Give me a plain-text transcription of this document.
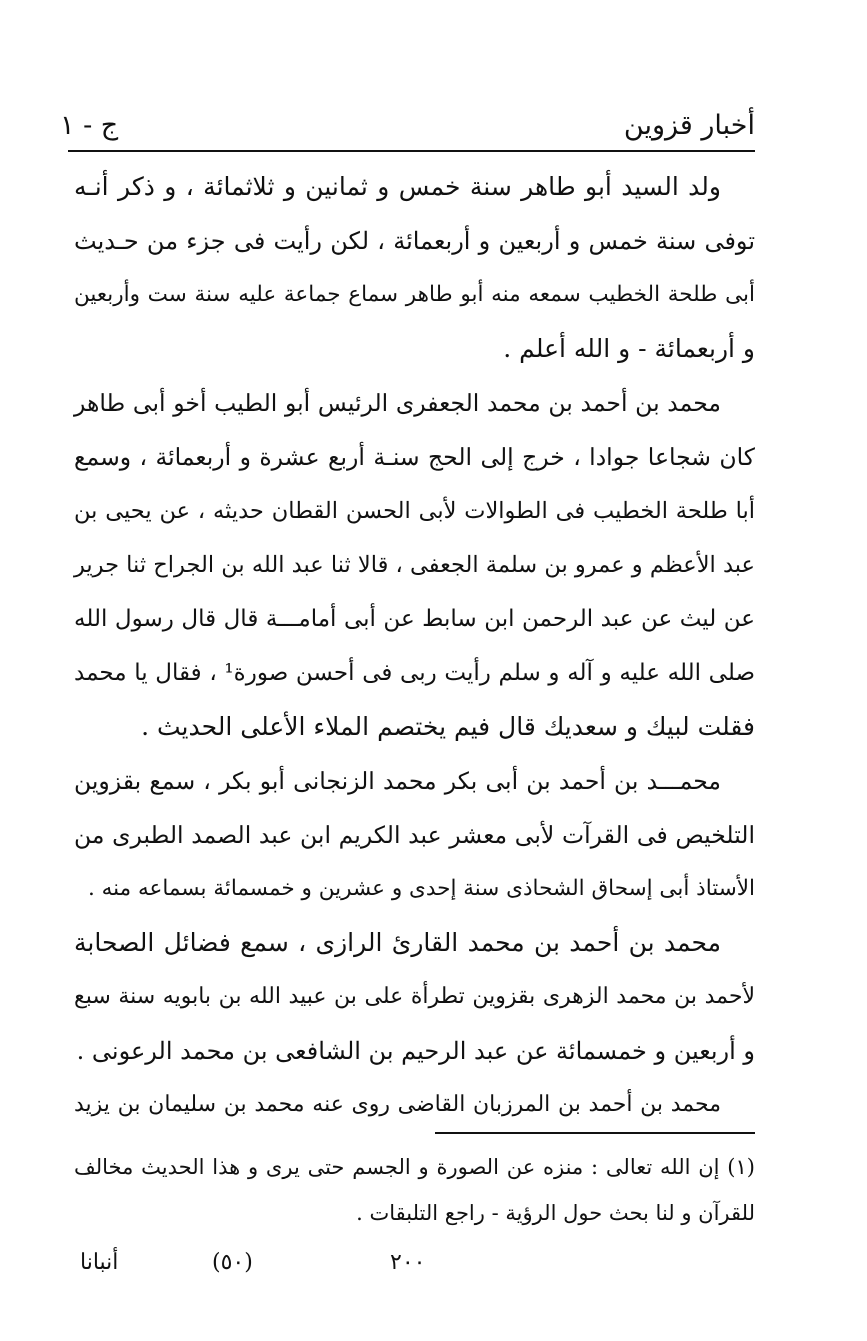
أخبار قزوين
ج - ١
ولد السيد أبو طاهر سنة خمس و ثمانين و ثلاثمائة ، و ذكر أنـه
توفى سنة خمس و أربعين و أربعمائة ، لكن رأيت فى جزء من حـديث
أبى طلحة الخطيب سمعه منه أبو طاهر سماع جماعة عليه سنة ست وأربعين
و أربعمائة - و الله أعلم .
محمد بن أحمد بن محمد الجعفرى الرئيس أبو الطيب أخو أبى طاهر
كان شجاعا جوادا ، خرج إلى الحج سنـة أربع عشرة و أربعمائة ، وسمع
أبا طلحة الخطيب فى الطوالات لأبى الحسن القطان حديثه ، عن يحيى بن
عبد الأعظم و عمرو بن سلمة الجعفى ، قالا ثنا عبد الله بن الجراح ثنا جرير
عن ليث عن عبد الرحمن ابن سابط عن أبى أمامـــة قال قال رسول الله
صلى الله عليه و آله و سلم رأيت ربى فى أحسن صورة¹ ، فقال يا محمد
فقلت لبيك و سعديك قال فيم يختصم الملاء الأعلى الحديث .
محمـــد بن أحمد بن أبى بكر محمد الزنجانى أبو بكر ، سمع بقزوين
التلخيص فى القرآت لأبى معشر عبد الكريم ابن عبد الصمد الطبرى من
الأستاذ أبى إسحاق الشحاذى سنة إحدى و عشرين و خمسمائة بسماعه منه .
محمد بن أحمد بن محمد القارئ الرازى ، سمع فضائل الصحابة
لأحمد بن محمد الزهرى بقزوين تطرأة على بن عبيد الله بن بابويه سنة سبع
و أربعين و خمسمائة عن عبد الرحيم بن الشافعى بن محمد الرعونى .
محمد بن أحمد بن المرزبان القاضى روى عنه محمد بن سليمان بن يزيد
(١) إن الله تعالى : منزه عن الصورة و الجسم حتى يرى و هذا الحديث مخالف
للقرآن و لنا بحث حول الرؤية - راجع التلبقات .
٢٠٠
(٥٠)
أنبانا
